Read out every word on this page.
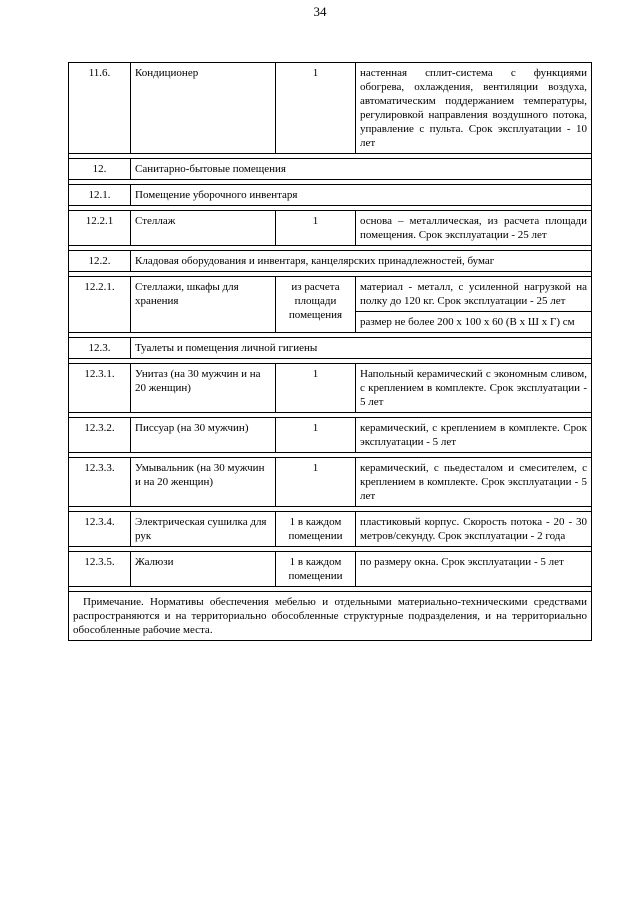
34
11.6.	Кондиционер	1	настенная сплит-система с функциями обогрева, охлаждения, вентиляции воздуха, автоматическим поддержанием температуры, регулировкой направления воздушного потока, управление с пульта. Срок эксплуатации - 10 лет

12.	Санитарно-бытовые помещения		

12.1.	Помещение уборочного инвентаря		

12.2.1	Стеллаж	1	основа – металлическая, из расчета площади помещения. Срок эксплуатации - 25 лет

12.2.	Кладовая оборудования и инвентаря, канцелярских принадлежностей, бумаг		

12.2.1.	Стеллажи, шкафы для хранения	из расчета площади помещения	материал - металл, с усиленной нагрузкой на полку до 120 кг. Срок эксплуатации - 25 лет
			размер не более 200 х 100 х 60 (В х Ш х Г) см

12.3.	Туалеты и помещения личной гигиены		

12.3.1.	Унитаз (на 30 мужчин и на 20 женщин)	1	Напольный керамический с экономным сливом, с креплением в комплекте. Срок эксплуатации - 5 лет

12.3.2.	Писсуар (на 30 мужчин)	1	керамический, с креплением в комплекте. Срок эксплуатации - 5 лет

12.3.3.	Умывальник (на 30 мужчин и на 20 женщин)	1	керамический, с пьедесталом и смесителем, с креплением в комплекте. Срок эксплуатации - 5 лет

12.3.4.	Электрическая сушилка для рук	1 в каждом помещении	пластиковый корпус. Скорость потока - 20 - 30 метров/секунду. Срок эксплуатации - 2 года

12.3.5.	Жалюзи	1 в каждом помещении	по размеру окна. Срок эксплуатации - 5 лет

Примечание. Нормативы обеспечения мебелью и отдельными материально-техническими средствами распространяются и на территориально обособленные структурные подразделения, и на территориально обособленные рабочие места.			
